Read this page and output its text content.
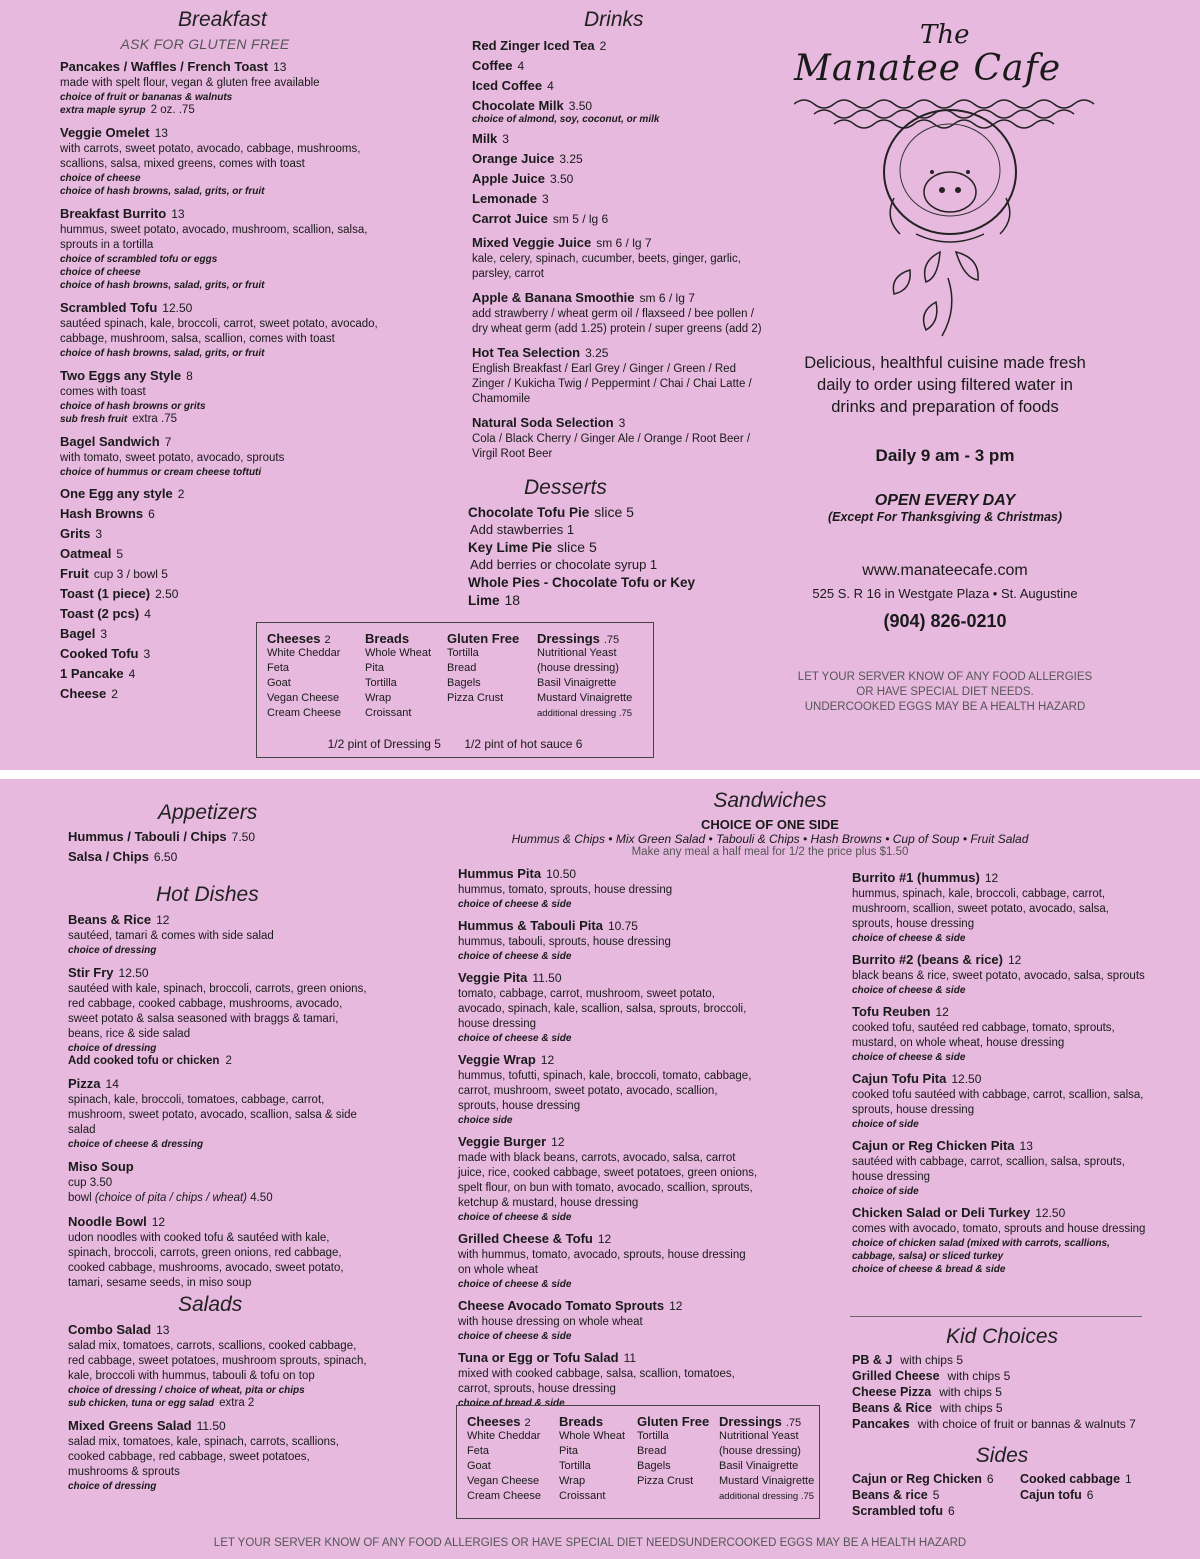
Breakfast
ASK FOR GLUTEN FREE
Pancakes / Waffles / French Toast 13
made with spelt flour, vegan & gluten free available
choice of fruit or bananas & walnuts
extra maple syrup 2 oz. .75
Veggie Omelet 13
with carrots, sweet potato, avocado, cabbage, mushrooms, scallions, salsa, mixed greens, comes with toast
choice of cheese
choice of hash browns, salad, grits, or fruit
Breakfast Burrito 13
hummus, sweet potato, avocado, mushroom, scallion, salsa, sprouts in a tortilla
choice of scrambled tofu or eggs
choice of cheese
choice of hash browns, salad, grits, or fruit
Scrambled Tofu 12.50
sautéed spinach, kale, broccoli, carrot, sweet potato, avocado, cabbage, mushroom, salsa, scallion, comes with toast
choice of hash browns, salad, grits, or fruit
Two Eggs any Style 8
comes with toast
choice of hash browns or grits
sub fresh fruit extra .75
Bagel Sandwich 7
with tomato, sweet potato, avocado, sprouts
choice of hummus or cream cheese toftuti
One Egg any style 2
Hash Browns 6
Grits 3
Oatmeal 5
Fruit cup 3 / bowl 5
Toast (1 piece) 2.50
Toast (2 pcs) 4
Bagel 3
Cooked Tofu 3
1 Pancake 4
Cheese 2
Drinks
Red Zinger Iced Tea 2
Coffee 4
Iced Coffee 4
Chocolate Milk 3.50
choice of almond, soy, coconut, or milk
Milk 3
Orange Juice 3.25
Apple Juice 3.50
Lemonade 3
Carrot Juice sm 5 / lg 6
Mixed Veggie Juice sm 6 / lg 7
kale, celery, spinach, cucumber, beets, ginger, garlic, parsley, carrot
Apple & Banana Smoothie sm 6 / lg 7
add strawberry / wheat germ oil / flaxseed / bee pollen / dry wheat germ (add 1.25) protein / super greens (add 2)
Hot Tea Selection 3.25
English Breakfast / Earl Grey / Ginger / Green / Red Zinger / Kukicha Twig / Peppermint / Chai / Chai Latte / Chamomile
Natural Soda Selection 3
Cola / Black Cherry / Ginger Ale / Orange / Root Beer / Virgil Root Beer
Desserts
Chocolate Tofu Pie slice 5
Add stawberries 1
Key Lime Pie slice 5
Add berries or chocolate syrup 1
Whole Pies - Chocolate Tofu or Key Lime 18
Cheeses 2
White Cheddar
Feta
Goat
Vegan Cheese
Cream Cheese
Breads
Whole Wheat
Pita
Tortilla
Wrap
Croissant
Gluten Free
Tortilla
Bread
Bagels
Pizza Crust
Dressings .75
Nutritional Yeast
(house dressing)
Basil Vinaigrette
Mustard Vinaigrette
additional dressing .75
1/2 pint of Dressing 5 1/2 pint of hot sauce 6
The
Manatee Cafe
Delicious, healthful cuisine made fresh daily to order using filtered water in drinks and preparation of foods
Daily 9 am - 3 pm
OPEN EVERY DAY
(Except For Thanksgiving & Christmas)
www.manateecafe.com
525 S. R 16 in Westgate Plaza • St. Augustine
(904) 826-0210
LET YOUR SERVER KNOW OF ANY FOOD ALLERGIES
OR HAVE SPECIAL DIET NEEDS.
UNDERCOOKED EGGS MAY BE A HEALTH HAZARD
Appetizers
Hummus / Tabouli / Chips 7.50
Salsa / Chips 6.50
Hot Dishes
Beans & Rice 12
sautéed, tamari & comes with side salad
choice of dressing
Stir Fry 12.50
sautéed with kale, spinach, broccoli, carrots, green onions, red cabbage, cooked cabbage, mushrooms, avocado, sweet potato & salsa seasoned with braggs & tamari, beans, rice & side salad
choice of dressing
Add cooked tofu or chicken 2
Pizza 14
spinach, kale, broccoli, tomatoes, cabbage, carrot, mushroom, sweet potato, avocado, scallion, salsa & side salad
choice of cheese & dressing
Miso Soup
cup 3.50
bowl (choice of pita / chips / wheat) 4.50
Noodle Bowl 12
udon noodles with cooked tofu & sautéed with kale, spinach, broccoli, carrots, green onions, red cabbage, cooked cabbage, mushrooms, avocado, sweet potato, tamari, sesame seeds, in miso soup
Salads
Combo Salad 13
salad mix, tomatoes, carrots, scallions, cooked cabbage, red cabbage, sweet potatoes, mushroom sprouts, spinach, kale, broccoli with hummus, tabouli & tofu on top
choice of dressing / choice of wheat, pita or chips
sub chicken, tuna or egg salad extra 2
Mixed Greens Salad 11.50
salad mix, tomatoes, kale, spinach, carrots, scallions, cooked cabbage, red cabbage, sweet potatoes, mushrooms & sprouts
choice of dressing
Sandwiches
CHOICE OF ONE SIDE
Hummus & Chips • Mix Green Salad • Tabouli & Chips • Hash Browns • Cup of Soup • Fruit Salad
Make any meal a half meal for 1/2 the price plus $1.50
Hummus Pita 10.50
hummus, tomato, sprouts, house dressing
choice of cheese & side
Hummus & Tabouli Pita 10.75
hummus, tabouli, sprouts, house dressing
choice of cheese & side
Veggie Pita 11.50
tomato, cabbage, carrot, mushroom, sweet potato, avocado, spinach, kale, scallion, salsa, sprouts, broccoli, house dressing
choice of cheese & side
Veggie Wrap 12
hummus, tofutti, spinach, kale, broccoli, tomato, cabbage, carrot, mushroom, sweet potato, avocado, scallion, sprouts, house dressing
choice side
Veggie Burger 12
made with black beans, carrots, avocado, salsa, carrot juice, rice, cooked cabbage, sweet potatoes, green onions, spelt flour, on bun with tomato, avocado, scallion, sprouts, ketchup & mustard, house dressing
choice of cheese & side
Grilled Cheese & Tofu 12
with hummus, tomato, avocado, sprouts, house dressing on whole wheat
choice of cheese & side
Cheese Avocado Tomato Sprouts 12
with house dressing on whole wheat
choice of cheese & side
Tuna or Egg or Tofu Salad 11
mixed with cooked cabbage, salsa, scallion, tomatoes, carrot, sprouts, house dressing
choice of bread & side
Burrito #1 (hummus) 12
hummus, spinach, kale, broccoli, cabbage, carrot, mushroom, scallion, sweet potato, avocado, salsa, sprouts, house dressing
choice of cheese & side
Burrito #2 (beans & rice) 12
black beans & rice, sweet potato, avocado, salsa, sprouts
choice of cheese & side
Tofu Reuben 12
cooked tofu, sautéed red cabbage, tomato, sprouts, mustard, on whole wheat, house dressing
choice of cheese & side
Cajun Tofu Pita 12.50
cooked tofu sautéed with cabbage, carrot, scallion, salsa, sprouts, house dressing
choice of side
Cajun or Reg Chicken Pita 13
sautéed with cabbage, carrot, scallion, salsa, sprouts, house dressing
choice of side
Chicken Salad or Deli Turkey 12.50
comes with avocado, tomato, sprouts and house dressing
choice of chicken salad (mixed with carrots, scallions, cabbage, salsa) or sliced turkey
choice of cheese & bread & side
Cheeses 2
White Cheddar
Feta
Goat
Vegan Cheese
Cream Cheese
Breads
Whole Wheat
Pita
Tortilla
Wrap
Croissant
Gluten Free
Tortilla
Bread
Bagels
Pizza Crust
Dressings .75
Nutritional Yeast
(house dressing)
Basil Vinaigrette
Mustard Vinaigrette
additional dressing .75
Kid Choices
PB & J with chips 5
Grilled Cheese with chips 5
Cheese Pizza with chips 5
Beans & Rice with chips 5
Pancakes with choice of fruit or bannas & walnuts 7
Sides
Cajun or Reg Chicken 6
Beans & rice 5
Scrambled tofu 6
Cooked cabbage 1
Cajun tofu 6
LET YOUR SERVER KNOW OF ANY FOOD ALLERGIES OR HAVE SPECIAL DIET NEEDSUNDERCOOKED EGGS MAY BE A HEALTH HAZARD
